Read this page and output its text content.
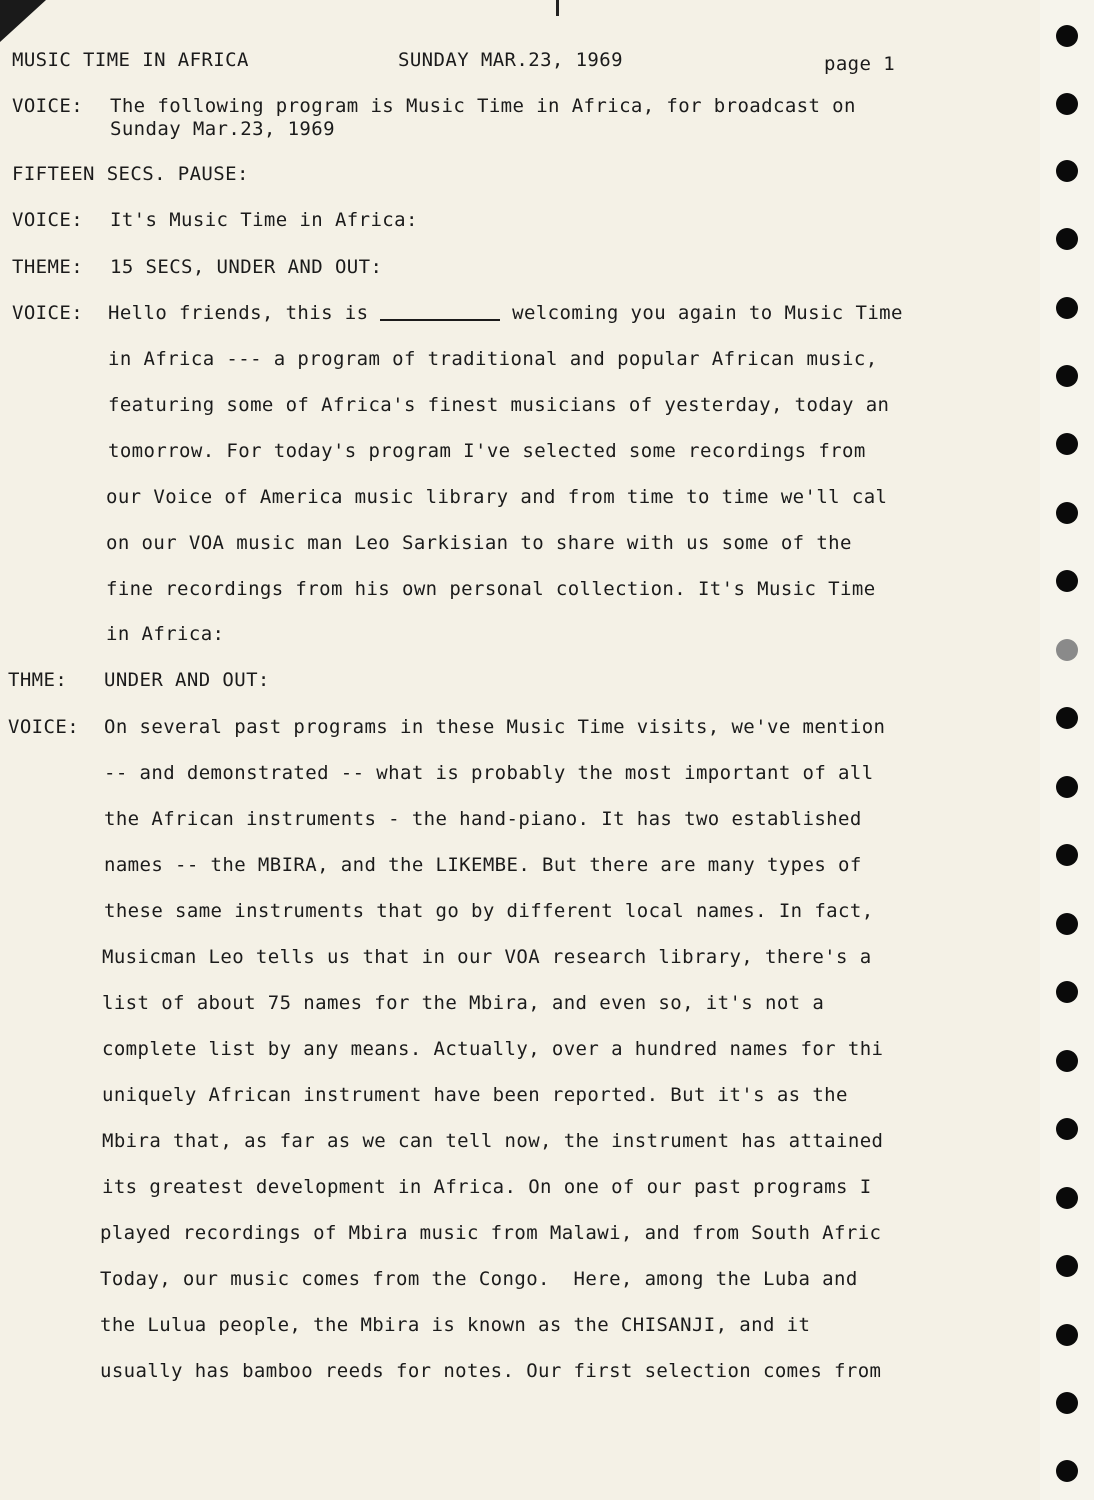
MUSIC TIME IN AFRICA	SUNDAY MAR.23, 1969	page 1
VOICE: The following program is Music Time in Africa, for broadcast on
Sunday Mar.23, 1969
FIFTEEN SECS. PAUSE:
VOICE: It's Music Time in Africa:
THEME: 15 SECS, UNDER AND OUT:
VOICE: Hello friends, this is	welcoming you again to Music Time
in Africa --- a program of traditional and popular African music,
featuring some of Africa's finest musicians of yesterday, today an
tomorrow. For today's program I've selected some recordings from
our Voice of America music library and from time to time we'll cal
on our VOA music man Leo Sarkisian to share with us some of the
fine recordings from his own personal collection. It's Music Time
in Africa:
THME: UNDER AND OUT:
VOICE: On several past programs in these Music Time visits, we've mention
-- and demonstrated -- what is probably the most important of all
the African instruments - the hand-piano. It has two established
names -- the MBIRA, and the LIKEMBE. But there are many types of
these same instruments that go by different local names. In fact,
Musicman Leo tells us that in our VOA research library, there's a
list of about 75 names for the Mbira, and even so, it's not a
complete list by any means. Actually, over a hundred names for thi
uniquely African instrument have been reported. But it's as the
Mbira that, as far as we can tell now, the instrument has attained
its greatest development in Africa. On one of our past programs I
played recordings of Mbira music from Malawi, and from South Afric
Today, our music comes from the Congo.  Here, among the Luba and
the Lulua people, the Mbira is known as the CHISANJI, and it
usually has bamboo reeds for notes. Our first selection comes from
